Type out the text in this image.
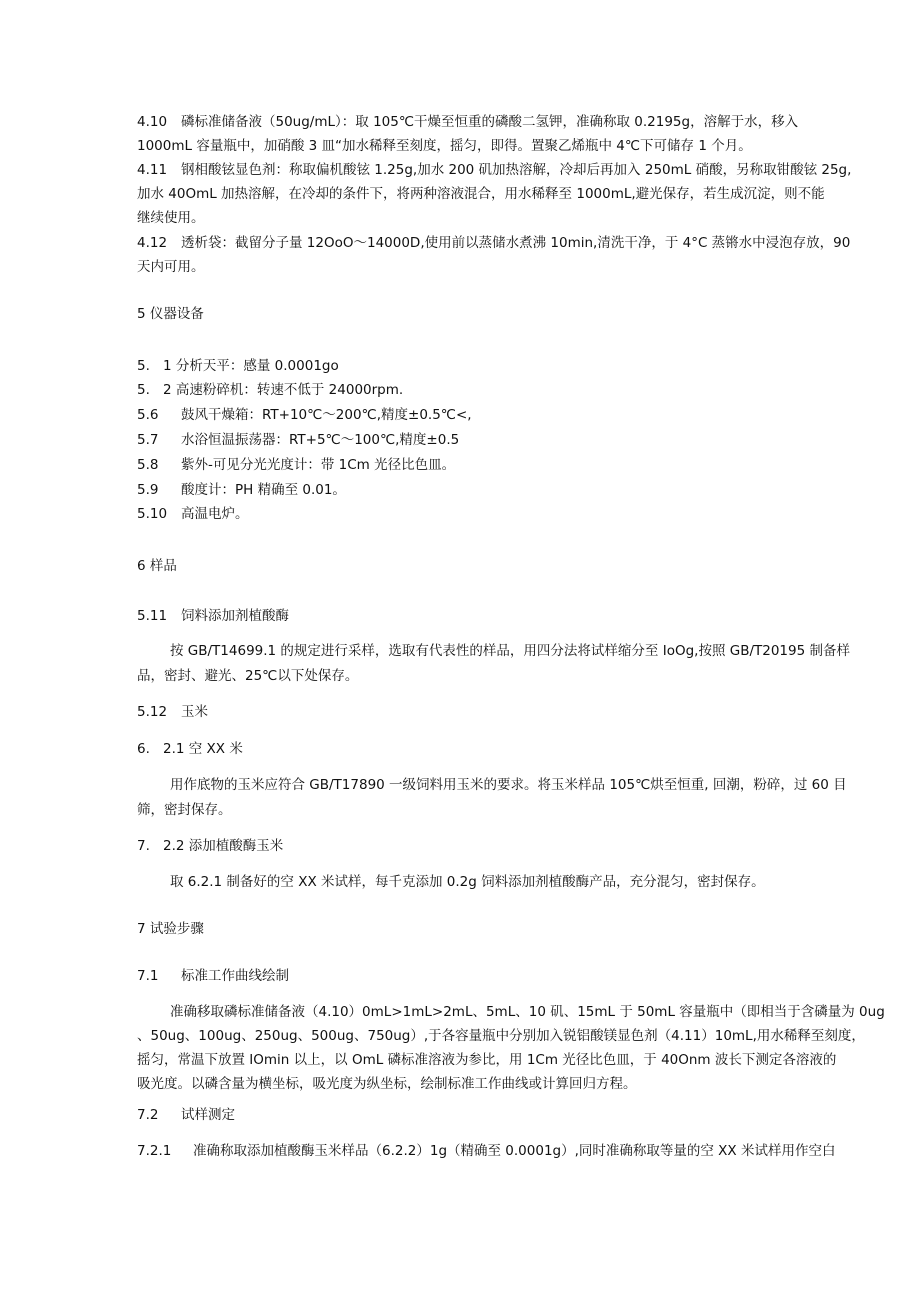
4.10 磷标准储备液（50ug∕mL）：取 105℃干燥至恒重的磷酸二氢钾，准确称取 0.2195g，溶解于水，移入
1000mL 容量瓶中，加硝酸 3 皿“加水稀释至刻度，摇匀，即得。置聚乙烯瓶中 4℃下可储存 1 个月。
4.11 钢相酸铉显色剂：称取偏机酸铉 1.25g,加水 200 矶加热溶解，冷却后再加入 250mL 硝酸，另称取钳酸铉 25g,
加水 40OmL 加热溶解，在冷却的条件下，将两种溶液混合，用水稀释至 1000mL,避光保存，若生成沉淀，则不能
继续使用。
4.12 透析袋：截留分子量 12OoO～14000D,使用前以蒸储水煮沸 10min,清洗干净，于 4°C 蒸锵水中浸泡存放，90
天内可用。
5 仪器设备
5. 1 分析天平：感量 0.0001go
5. 2 高速粉碎机：转速不低于 24000rpm.
5.6 鼓风干燥箱：RT+10℃～200℃,精度±0.5℃<,
5.7 水浴恒温振荡器：RT+5℃～100℃,精度±0.5
5.8 紫外-可见分光光度计：带 1Cm 光径比色皿。
5.9 酸度计：PH 精确至 0.01。
5.10 高温电炉。
6 样品
5.11 饲料添加剂植酸酶
按 GB/T14699.1 的规定进行采样，选取有代表性的样品，用四分法将试样缩分至 IoOg,按照 GB/T20195 制备样
品，密封、避光、25℃以下处保存。
5.12 玉米
6. 2.1 空 XX 米
用作底物的玉米应符合 GB/T17890 一级饲料用玉米的要求。将玉米样品 105℃烘至恒重, 回潮，粉碎，过 60 目
筛，密封保存。
7. 2.2 添加植酸酶玉米
取 6.2.1 制备好的空 XX 米试样，每千克添加 0.2g 饲料添加剂植酸酶产品，充分混匀，密封保存。
7 试验步骤
7.1 标准工作曲线绘制
准确移取磷标准储备液（4.10）0mL>1mL>2mL、5mL、10 矶、15mL 于 50mL 容量瓶中（即相当于含磷量为 0ug
、50ug、100ug、250ug、500ug、750ug）,于各容量瓶中分别加入锐铝酸镁显色剂（4.11）10mL,用水稀释至刻度，
摇匀，常温下放置 IOmin 以上，以 OmL 磷标准溶液为参比，用 1Cm 光径比色皿，于 40Onm 波长下测定各溶液的
吸光度。以磷含量为横坐标，吸光度为纵坐标，绘制标准工作曲线或计算回归方程。
7.2 试样测定
7.2.1 准确称取添加植酸酶玉米样品（6.2.2）1g（精确至 0.0001g）,同时准确称取等量的空 XX 米试样用作空白
